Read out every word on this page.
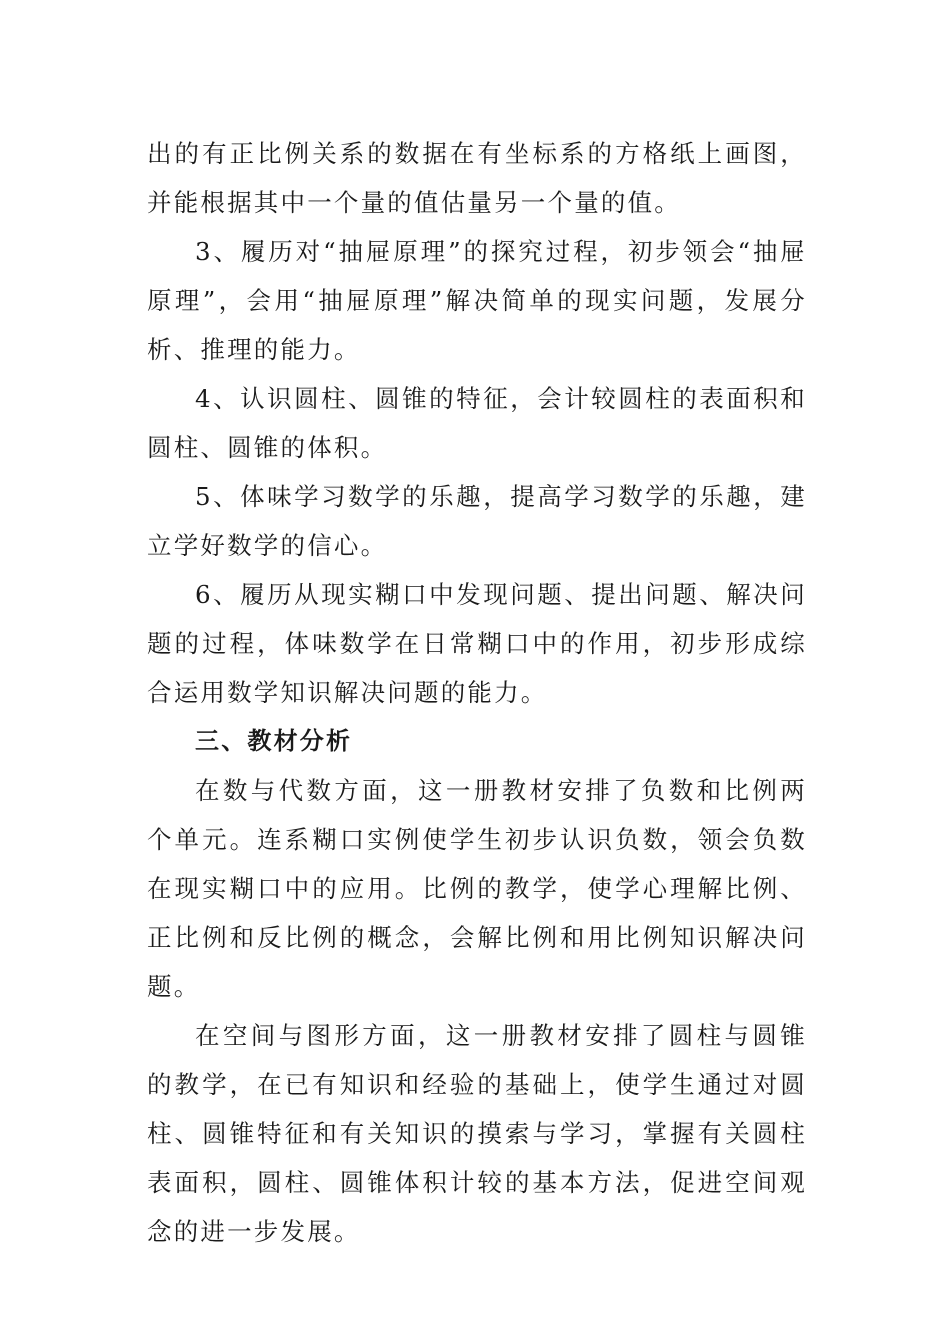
出的有正比例关系的数据在有坐标系的方格纸上画图，并能根据其中一个量的值估量另一个量的值。

3、履历对“抽屉原理”的探究过程，初步领会“抽屉原理”，会用“抽屉原理”解决简单的现实问题，发展分析、推理的能力。

4、认识圆柱、圆锥的特征，会计较圆柱的表面积和圆柱、圆锥的体积。

5、体味学习数学的乐趣，提高学习数学的乐趣，建立学好数学的信心。

6、履历从现实糊口中发现问题、提出问题、解决问题的过程，体味数学在日常糊口中的作用，初步形成综合运用数学知识解决问题的能力。

三、教材分析

在数与代数方面，这一册教材安排了负数和比例两个单元。连系糊口实例使学生初步认识负数，领会负数在现实糊口中的应用。比例的教学，使学心理解比例、正比例和反比例的概念，会解比例和用比例知识解决问题。

在空间与图形方面，这一册教材安排了圆柱与圆锥的教学，在已有知识和经验的基础上，使学生通过对圆柱、圆锥特征和有关知识的摸索与学习，掌握有关圆柱表面积，圆柱、圆锥体积计较的基本方法，促进空间观念的进一步发展。
